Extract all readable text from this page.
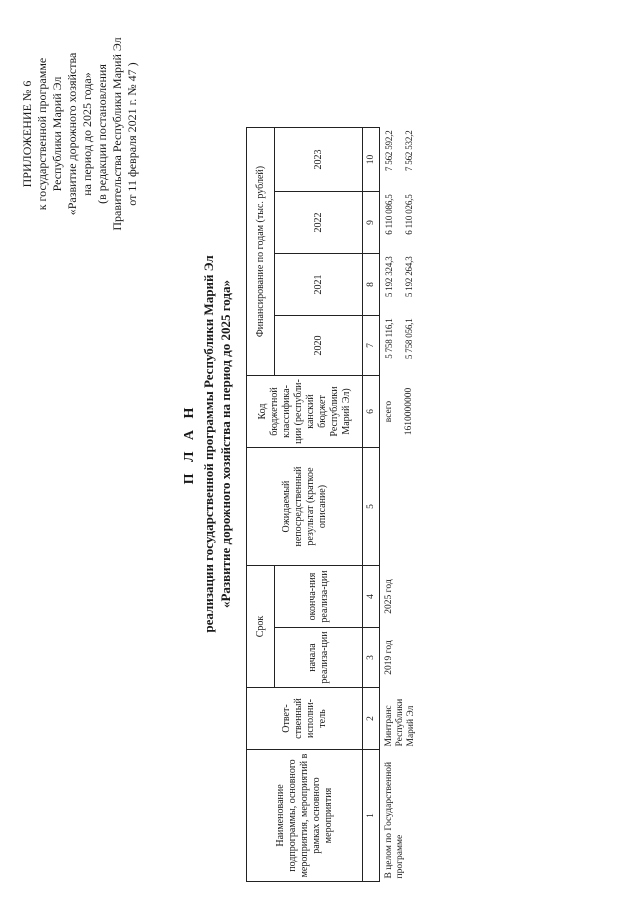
ПРИЛОЖЕНИЕ № 6 к государственной программе Республики Марий Эл «Развитие дорожного хозяйства на период до 2025 года» (в редакции постановления Правительства Республики Марий Эл от 11 февраля 2021 г. № 47 )
П Л А Н реализации государственной программы Республики Марий Эл «Развитие дорожного хозяйства на период до 2025 года»
Наименование подпрограммы, основного мероприятия, мероприятий в рамках основного мероприятия	Ответ-ственный исполни-тель	Срок		Ожидаемый непосредственный результат (краткое описание)	Код бюджетной классифика-ции (республи-канский бюджет Республики Марий Эл)	Финансирование по годам (тыс. рублей)			
		начала реализа-ции	оконча-ния реализа-ции			2020	2021	2022	2023

1	2	3	4	5	6	7	8	9	10
В целом по Государственной программе	Минтранс Республики Марий Эл	2019 год	2025 год		всего	5 758 116,1	5 192 324,3	6 110 086,5	7 562 592,2
					1610000000	5 758 056,1	5 192 264,3	6 110 026,5	7 562 532,2
